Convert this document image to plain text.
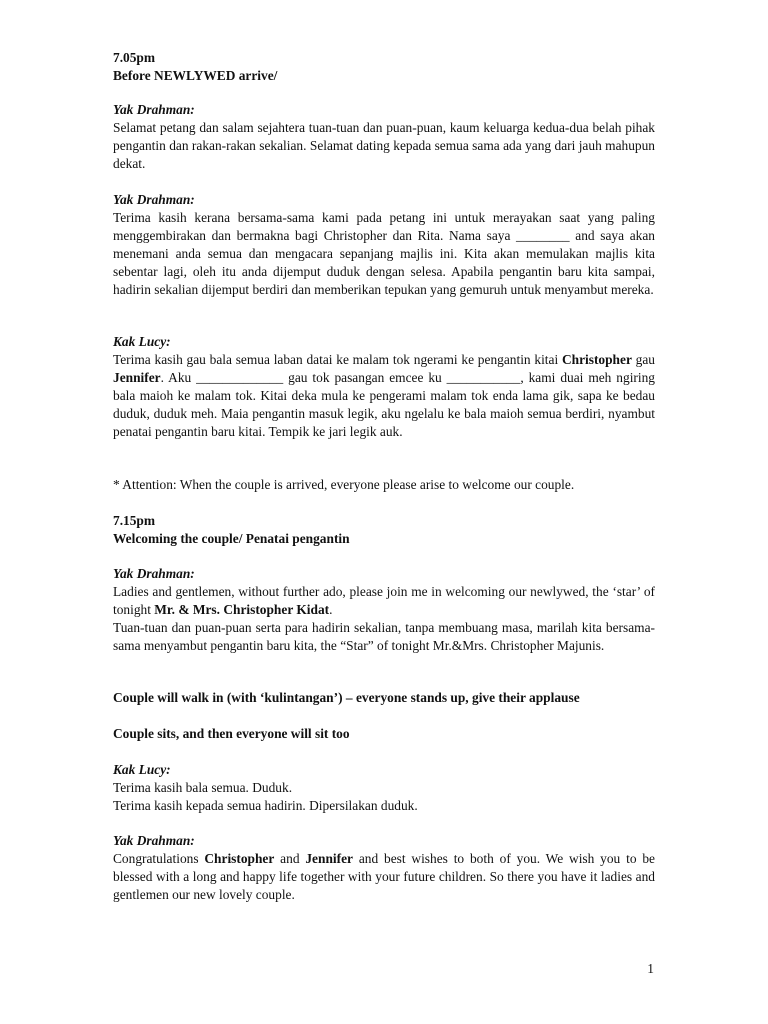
7.05pm

Before NEWLYWED arrive/

Yak Drahman:

Selamat petang dan salam sejahtera tuan-tuan dan puan-puan, kaum keluarga kedua-dua belah pihak pengantin dan rakan-rakan sekalian. Selamat dating kepada semua sama ada yang dari jauh mahupun dekat.

Yak Drahman:

Terima kasih kerana bersama-sama kami pada petang ini untuk merayakan saat yang paling menggembirakan dan bermakna bagi Christopher dan Rita. Nama saya ________ and saya akan menemani anda semua dan mengacara sepanjang majlis ini. Kita akan memulakan majlis kita sebentar lagi, oleh itu anda dijemput duduk dengan selesa. Apabila pengantin baru kita sampai, hadirin sekalian dijemput berdiri dan memberikan tepukan yang gemuruh untuk menyambut mereka.

Kak Lucy:

Terima kasih gau bala semua laban datai ke malam tok ngerami ke pengantin kitai Christopher gau Jennifer. Aku _____________ gau tok pasangan emcee ku ___________, kami duai meh ngiring bala maioh ke malam tok. Kitai deka mula ke pengerami malam tok enda lama gik, sapa ke bedau duduk, duduk meh. Maia pengantin masuk legik, aku ngelalu ke bala maioh semua berdiri, nyambut penatai pengantin baru kitai. Tempik ke jari legik auk.

* Attention: When the couple is arrived, everyone please arise to welcome our couple.

7.15pm

Welcoming the couple/ Penatai pengantin

Yak Drahman:

Ladies and gentlemen, without further ado, please join me in welcoming our newlywed, the ‘star’ of tonight Mr. & Mrs. Christopher Kidat.

Tuan-tuan dan puan-puan serta para hadirin sekalian, tanpa membuang masa, marilah kita bersama-sama menyambut pengantin baru kita, the “Star” of tonight Mr.&Mrs. Christopher Majunis.

Couple will walk in (with ‘kulintangan’) – everyone stands up, give their applause

Couple sits, and then everyone will sit too

Kak Lucy:

Terima kasih bala semua. Duduk.

Terima kasih kepada semua hadirin. Dipersilakan duduk.

Yak Drahman:

Congratulations Christopher and Jennifer and best wishes to both of you. We wish you to be blessed with a long and happy life together with your future children. So there you have it ladies and gentlemen our new lovely couple.

1
